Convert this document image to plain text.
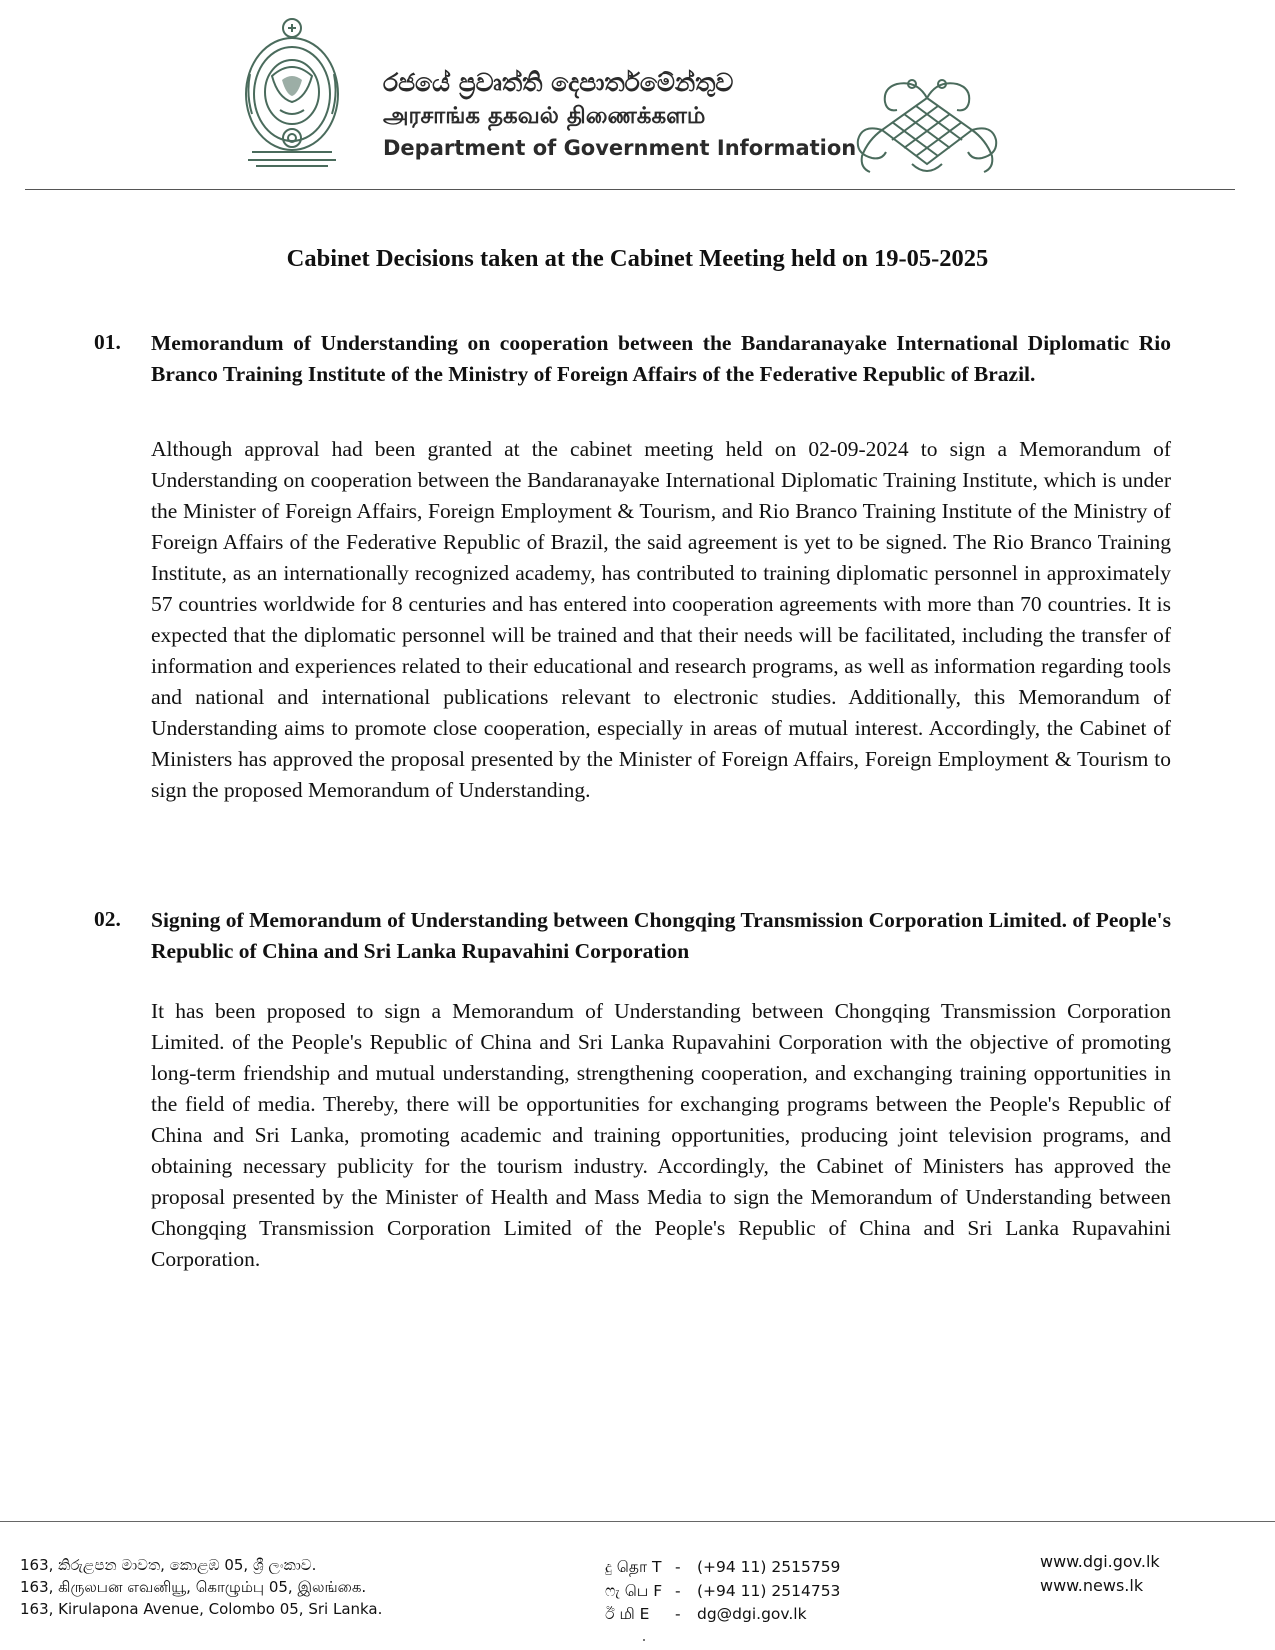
රජයේ ප්‍රවෘත්ති දෙපාර්තමේන්තුව
அரசாங்க தகவல் திணைக்களம்
Department of Government Information
Cabinet Decisions taken at the Cabinet Meeting held on 19-05-2025
01. Memorandum of Understanding on cooperation between the Bandaranayake International Diplomatic Rio Branco Training Institute of the Ministry of Foreign Affairs of the Federative Republic of Brazil.
Although approval had been granted at the cabinet meeting held on 02-09-2024 to sign a Memorandum of Understanding on cooperation between the Bandaranayake International Diplomatic Training Institute, which is under the Minister of Foreign Affairs, Foreign Employment & Tourism, and Rio Branco Training Institute of the Ministry of Foreign Affairs of the Federative Republic of Brazil, the said agreement is yet to be signed. The Rio Branco Training Institute, as an internationally recognized academy, has contributed to training diplomatic personnel in approximately 57 countries worldwide for 8 centuries and has entered into cooperation agreements with more than 70 countries. It is expected that the diplomatic personnel will be trained and that their needs will be facilitated, including the transfer of information and experiences related to their educational and research programs, as well as information regarding tools and national and international publications relevant to electronic studies. Additionally, this Memorandum of Understanding aims to promote close cooperation, especially in areas of mutual interest. Accordingly, the Cabinet of Ministers has approved the proposal presented by the Minister of Foreign Affairs, Foreign Employment & Tourism to sign the proposed Memorandum of Understanding.
02. Signing of Memorandum of Understanding between Chongqing Transmission Corporation Limited. of People's Republic of China and Sri Lanka Rupavahini Corporation
It has been proposed to sign a Memorandum of Understanding between Chongqing Transmission Corporation Limited. of the People's Republic of China and Sri Lanka Rupavahini Corporation with the objective of promoting long-term friendship and mutual understanding, strengthening cooperation, and exchanging training opportunities in the field of media. Thereby, there will be opportunities for exchanging programs between the People's Republic of China and Sri Lanka, promoting academic and training opportunities, producing joint television programs, and obtaining necessary publicity for the tourism industry. Accordingly, the Cabinet of Ministers has approved the proposal presented by the Minister of Health and Mass Media to sign the Memorandum of Understanding between Chongqing Transmission Corporation Limited of the People's Republic of China and Sri Lanka Rupavahini Corporation.
163, කිරුළපන මාවත, කොළඹ 05, ශ්‍රී ලංකාව.
163, கிருலபன எவனியூ, கொழும்பு 05, இலங்கை.
163, Kirulapona Avenue, Colombo 05, Sri Lanka.
දු தொ T - (+94 11) 2515759
ෆැ பெ F - (+94 11) 2514753
ඊ மி E - dg@dgi.gov.lk
www.dgi.gov.lk
www.news.lk
